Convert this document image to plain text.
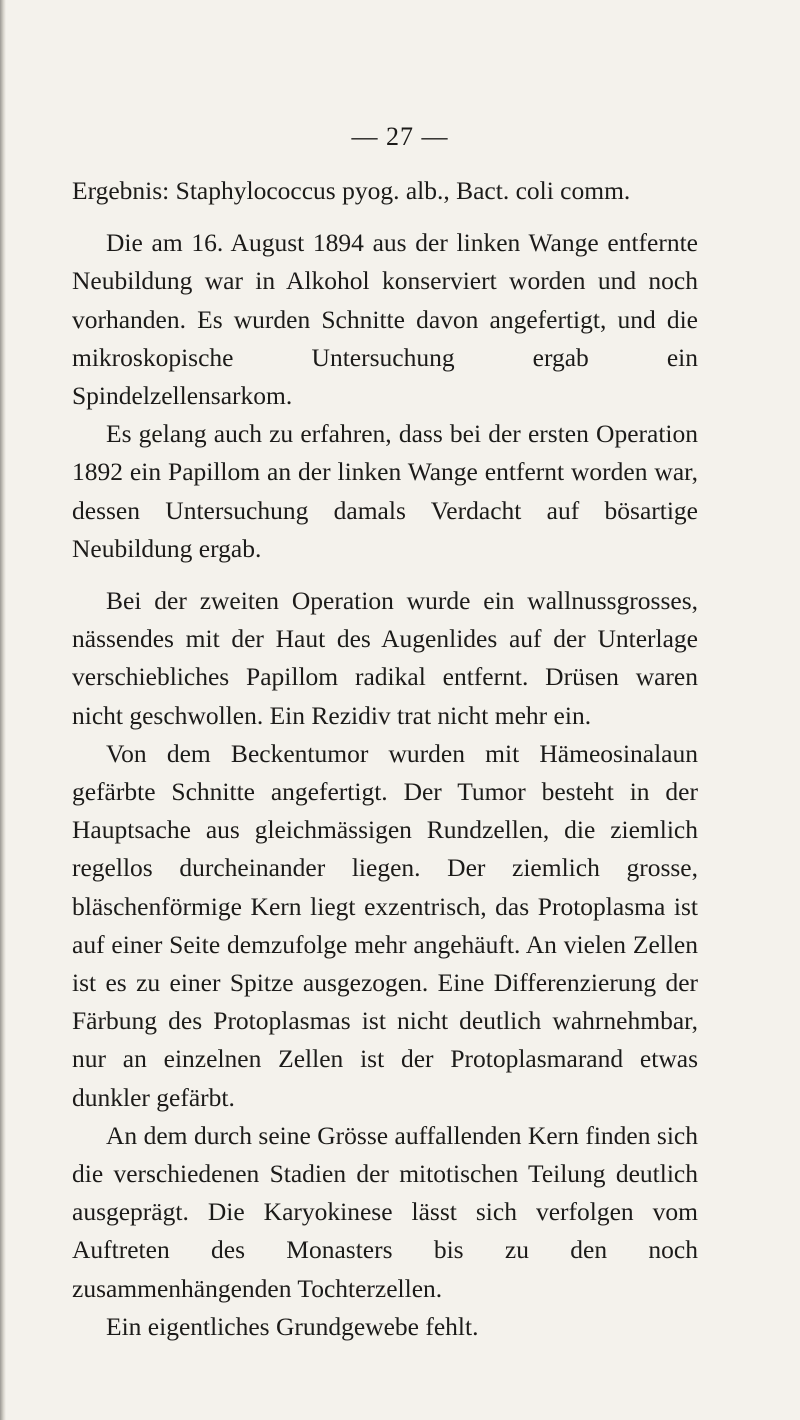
— 27 —

Ergebnis: Staphylococcus pyog. alb., Bact. coli comm.

Die am 16. August 1894 aus der linken Wange entfernte Neubildung war in Alkohol konserviert worden und noch vorhanden. Es wurden Schnitte davon angefertigt, und die mikroskopische Untersuchung ergab ein Spindelzellensarkom.

Es gelang auch zu erfahren, dass bei der ersten Operation 1892 ein Papillom an der linken Wange entfernt worden war, dessen Untersuchung damals Verdacht auf bösartige Neubildung ergab.

Bei der zweiten Operation wurde ein wallnussgrosses, nässendes mit der Haut des Augenlides auf der Unterlage verschiebliches Papillom radikal entfernt. Drüsen waren nicht geschwollen. Ein Rezidiv trat nicht mehr ein.

Von dem Beckentumor wurden mit Hämeosinalaun gefärbte Schnitte angefertigt. Der Tumor besteht in der Hauptsache aus gleichmässigen Rundzellen, die ziemlich regellos durcheinander liegen. Der ziemlich grosse, bläschenförmige Kern liegt exzentrisch, das Protoplasma ist auf einer Seite demzufolge mehr angehäuft. An vielen Zellen ist es zu einer Spitze ausgezogen. Eine Differenzierung der Färbung des Protoplasmas ist nicht deutlich wahrnehmbar, nur an einzelnen Zellen ist der Protoplasmarand etwas dunkler gefärbt.

An dem durch seine Grösse auffallenden Kern finden sich die verschiedenen Stadien der mitotischen Teilung deutlich ausgeprägt. Die Karyokinese lässt sich verfolgen vom Auftreten des Monasters bis zu den noch zusammenhängenden Tochterzellen.

Ein eigentliches Grundgewebe fehlt.
